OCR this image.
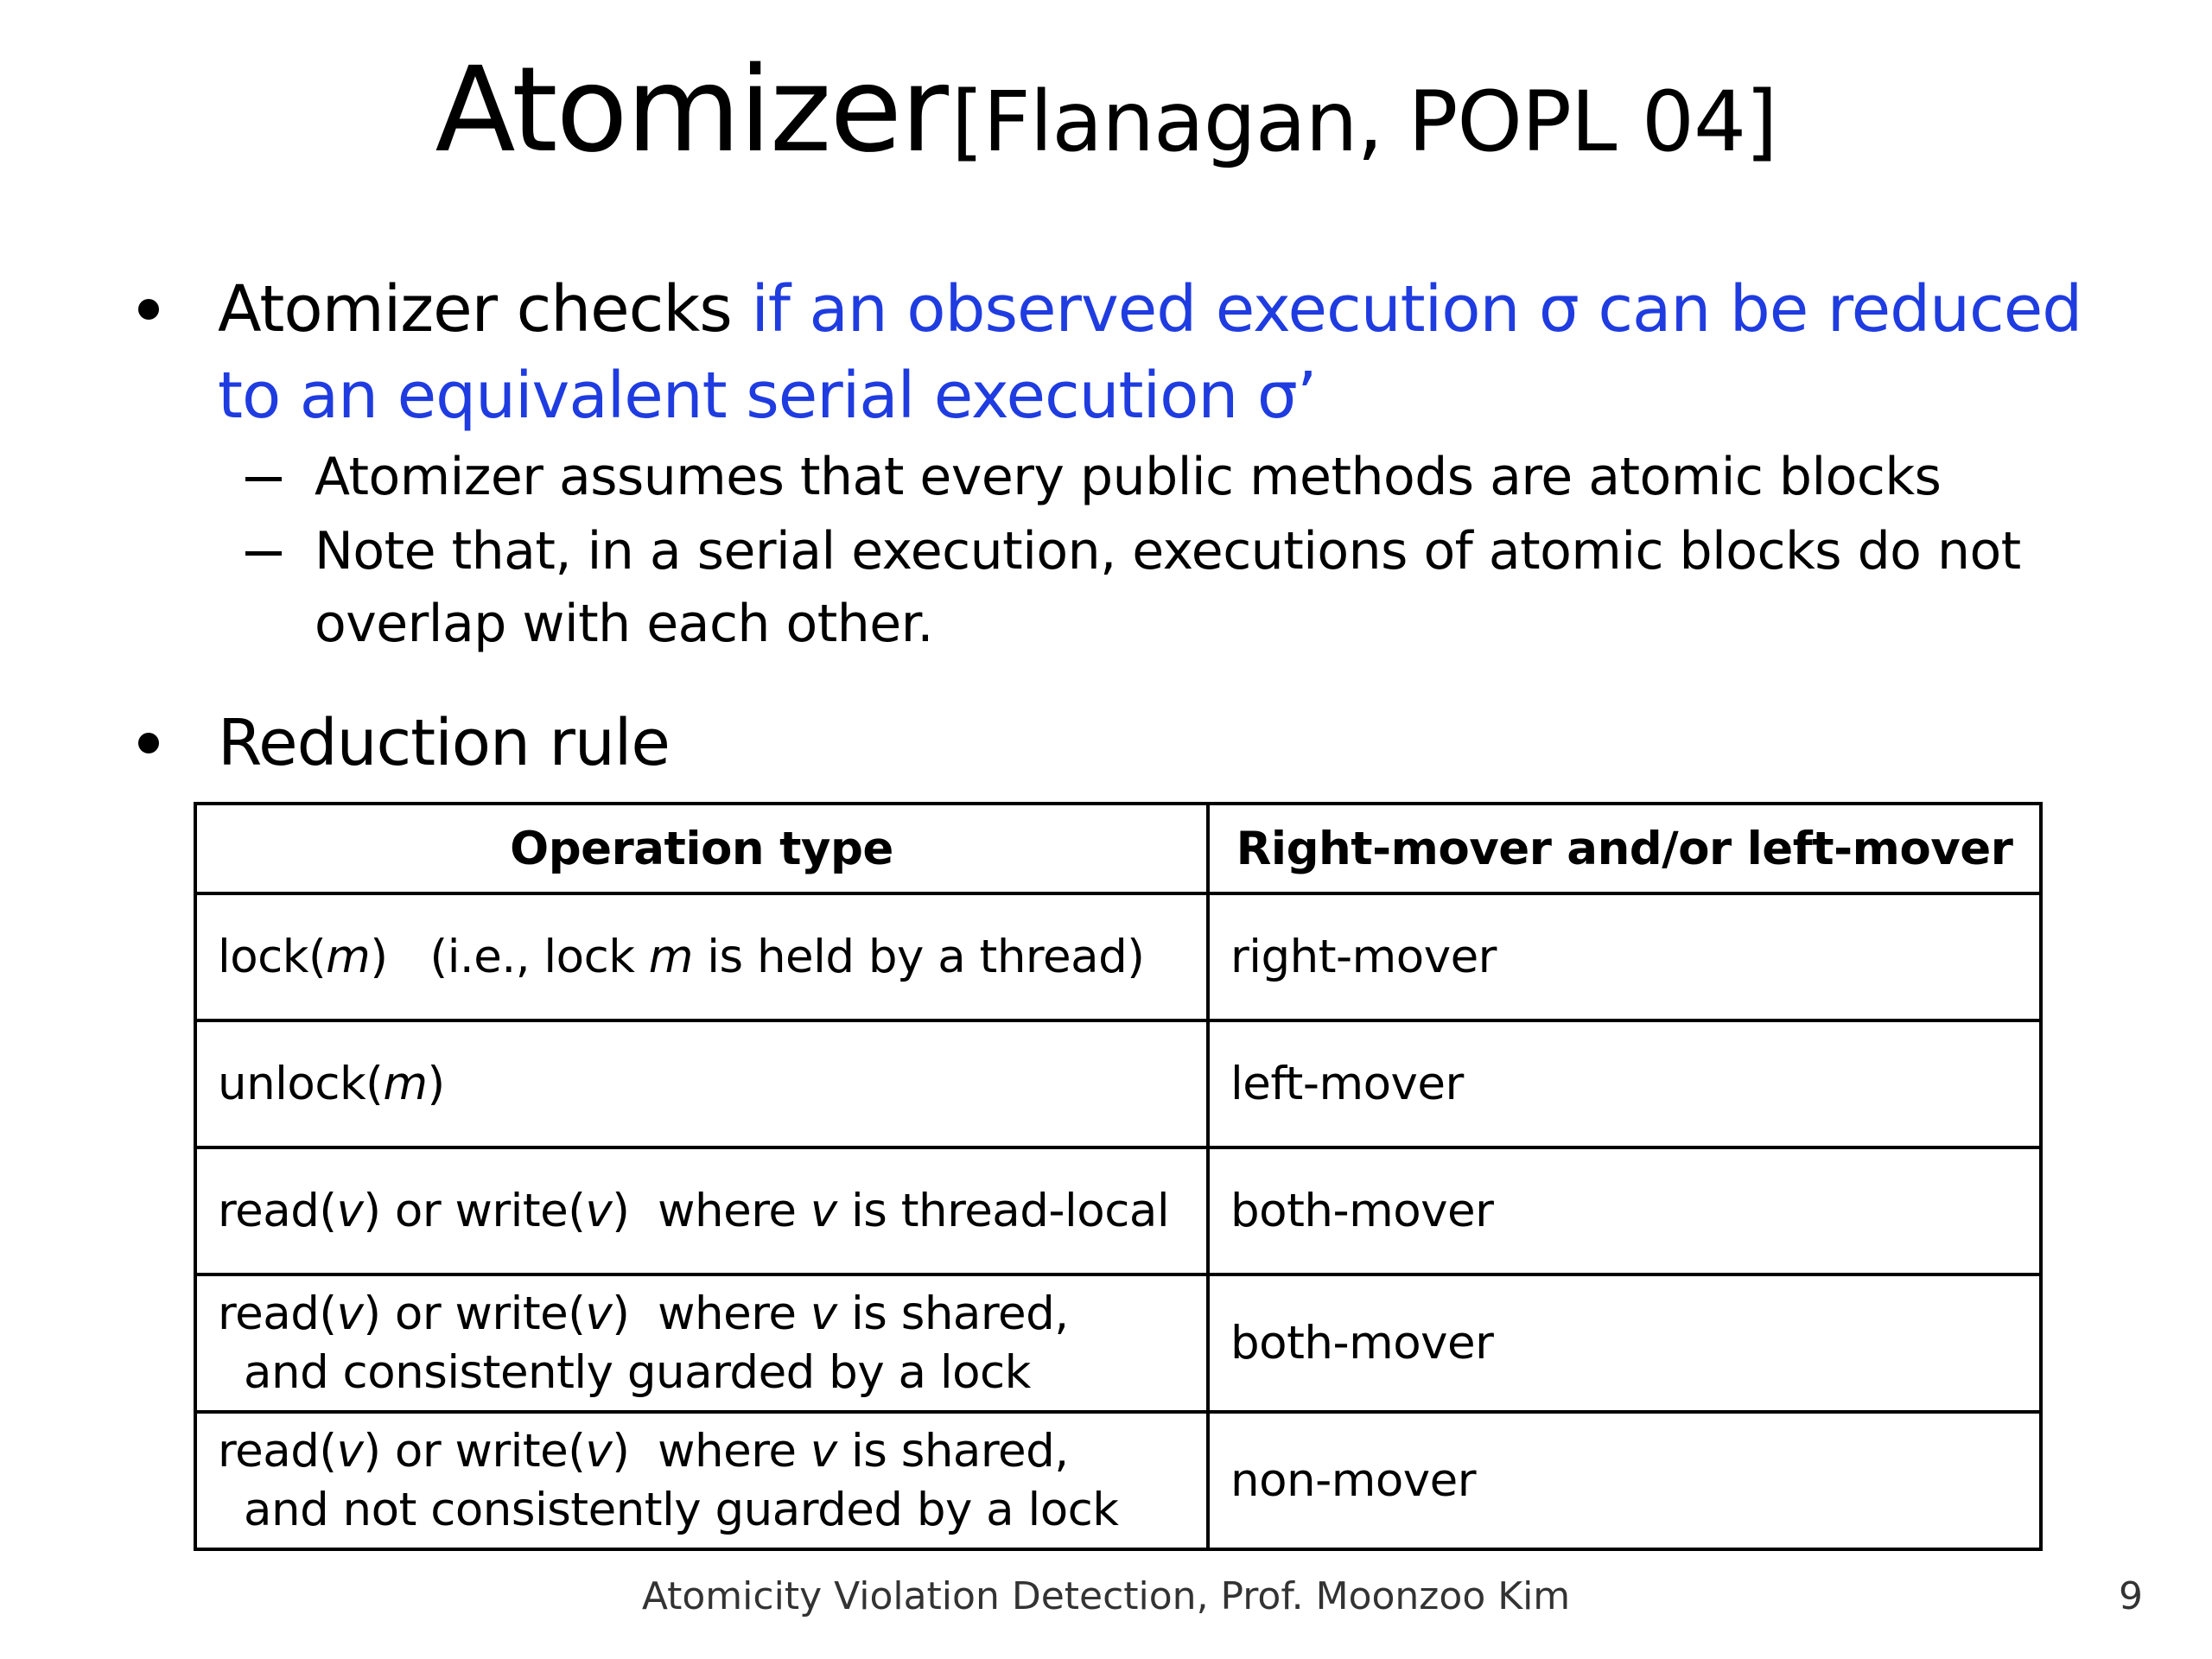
Atomizer [Flanagan, POPL 04]
Atomizer checks if an observed execution σ can be reduced
to an equivalent serial execution σ’
Atomizer assumes that every public methods are atomic blocks
Note that, in a serial execution, executions of atomic blocks do not
overlap with each other.
Reduction rule
Operation type	Right-mover and/or left-mover
lock(m)   (i.e., lock m is held by a thread)	right-mover
unlock(m)	left-mover
read(v) or write(v)  where v is thread-local	both-mover

read(v) or write(v)  where v is shared,
and consistently guarded by a lock	both-mover

read(v) or write(v)  where v is shared,
and not consistently guarded by a lock	non-mover
Atomicity Violation Detection, Prof. Moonzoo Kim	9
